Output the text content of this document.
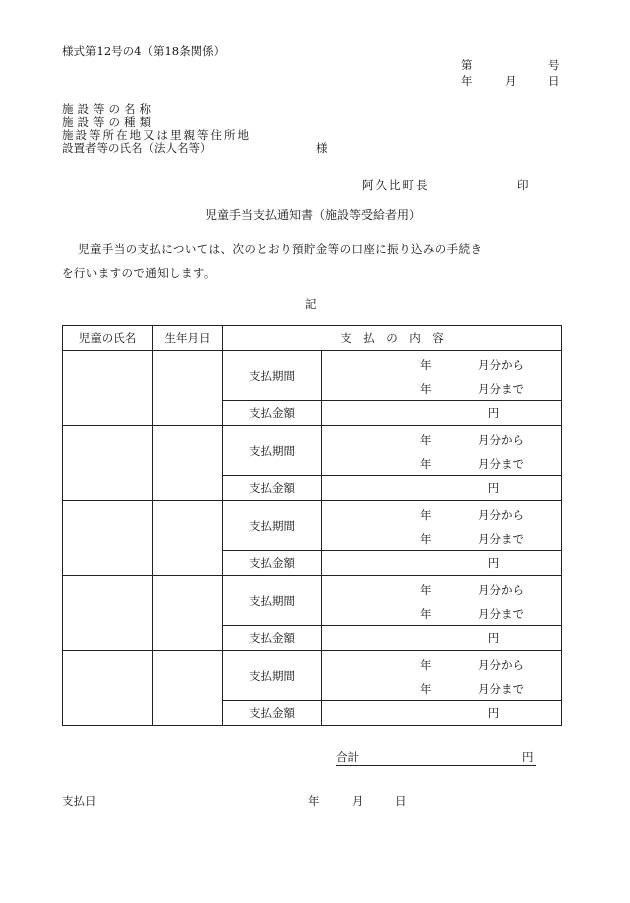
様式第12号の4（第18条関係）
第	号
年	月	日
施設等の名称
施設等の種類
施設等所在地又は里親等住所地
設置者等の氏名（法人名等）	様
阿久比町長	印
児童手当支払通知書（施設等受給者用）
児童手当の支払については、次のとおり預貯金等の口座に振り込みの手続き
を行いますので通知します。
記
児童の氏名	生年月日	支　払　の　内　容	
		支払期間	年 月分から
年 月分まで

		支払金額	円
		支払期間	年 月分から
年 月分まで

		支払金額	円
		支払期間	年 月分から
年 月分まで

		支払金額	円
		支払期間	年 月分から
年 月分まで

		支払金額	円
		支払期間	年 月分から
年 月分まで

		支払金額	円
合計	円
支払日	年	月	日
